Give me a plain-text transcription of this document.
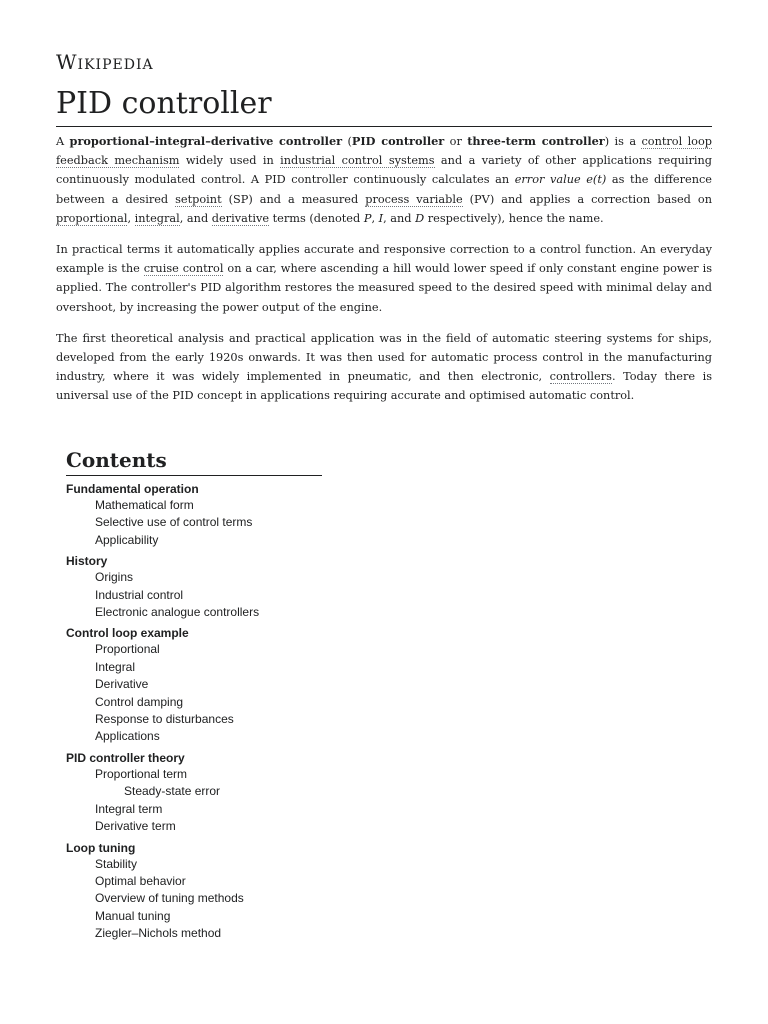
Wikipedia
PID controller

A proportional–integral–derivative controller (PID controller or three-term controller) is a control loop feedback mechanism widely used in industrial control systems and a variety of other applications requiring continuously modulated control. A PID controller continuously calculates an error value e(t) as the difference between a desired setpoint (SP) and a measured process variable (PV) and applies a correction based on proportional, integral, and derivative terms (denoted P, I, and D respectively), hence the name.

In practical terms it automatically applies accurate and responsive correction to a control function. An everyday example is the cruise control on a car, where ascending a hill would lower speed if only constant engine power is applied. The controller's PID algorithm restores the measured speed to the desired speed with minimal delay and overshoot, by increasing the power output of the engine.

The first theoretical analysis and practical application was in the field of automatic steering systems for ships, developed from the early 1920s onwards. It was then used for automatic process control in the manufacturing industry, where it was widely implemented in pneumatic, and then electronic, controllers. Today there is universal use of the PID concept in applications requiring accurate and optimised automatic control.

Contents
Fundamental operation
Mathematical form
Selective use of control terms
Applicability
History
Origins
Industrial control
Electronic analogue controllers
Control loop example
Proportional
Integral
Derivative
Control damping
Response to disturbances
Applications
PID controller theory
Proportional term
Steady-state error
Integral term
Derivative term
Loop tuning
Stability
Optimal behavior
Overview of tuning methods
Manual tuning
Ziegler–Nichols method
